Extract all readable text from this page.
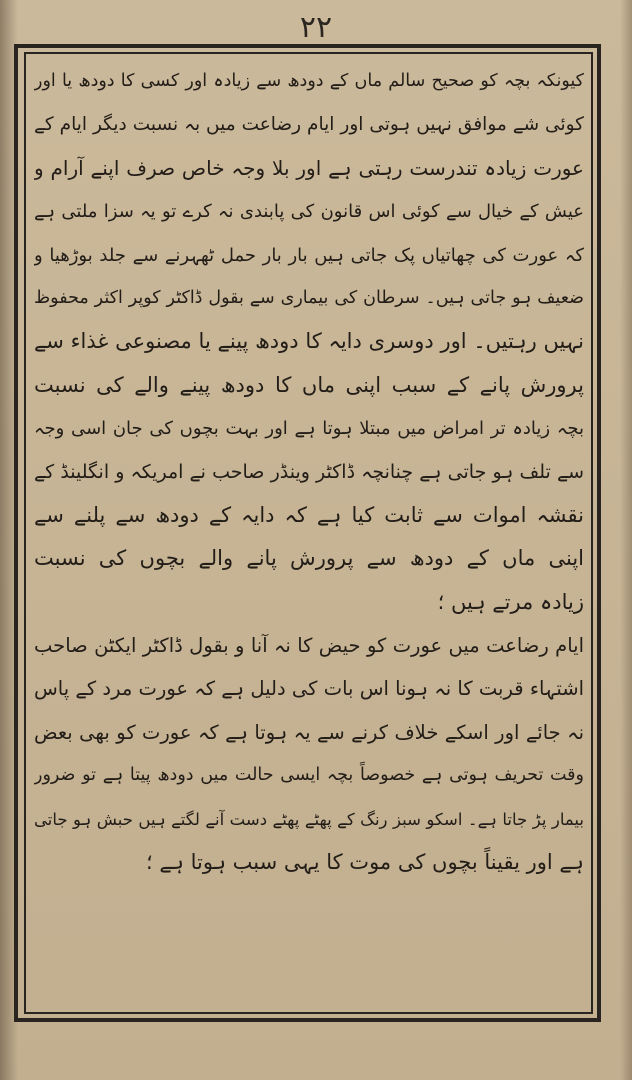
۲۲
کیونکہ بچہ کو صحیح سالم ماں کے دودھ سے زیادہ اور کسی کا دودھ یا اور
کوئی شے موافق نہیں ہوتی اور ایام رضاعت میں بہ نسبت دیگر ایام کے
عورت زیادہ تندرست رہتی ہے اور بلا وجہ خاص صرف اپنے آرام و
عیش کے خیال سے کوئی اس قانون کی پابندی نہ کرے تو یہ سزا ملتی ہے
کہ عورت کی چھاتیاں پک جاتی ہیں بار بار حمل ٹھہرنے سے جلد بوڑھیا و
ضعیف ہو جاتی ہیں۔ سرطان کی بیماری سے بقول ڈاکٹر کوپر اکثر محفوظ
نہیں رہتیں۔ اور دوسری دایہ کا دودھ پینے یا مصنوعی غذاء سے
پرورش پانے کے سبب اپنی ماں کا دودھ پینے والے کی نسبت
بچہ زیادہ تر امراض میں مبتلا ہوتا ہے اور بہت بچوں کی جان اسی وجہ
سے تلف ہو جاتی ہے چنانچہ ڈاکٹر وینڈر صاحب نے امریکہ و انگلینڈ کے
نقشہ اموات سے ثابت کیا ہے کہ دایہ کے دودھ سے پلنے سے
اپنی ماں کے دودھ سے پرورش پانے والے بچوں کی نسبت
زیادہ مرتے ہیں ؛
ایام رضاعت میں عورت کو حیض کا نہ آنا و بقول ڈاکٹر ایکٹن صاحب
اشتہاء قربت کا نہ ہونا اس بات کی دلیل ہے کہ عورت مرد کے پاس
نہ جائے اور اسکے خلاف کرنے سے یہ ہوتا ہے کہ عورت کو بھی بعض
وقت تحریف ہوتی ہے خصوصاً بچہ ایسی حالت میں دودھ پیتا ہے تو ضرور
بیمار پڑ جاتا ہے۔ اسکو سبز رنگ کے پھٹے پھٹے دست آنے لگتے ہیں حبش ہو جاتی
ہے اور یقیناً بچوں کی موت کا یہی سبب ہوتا ہے ؛
